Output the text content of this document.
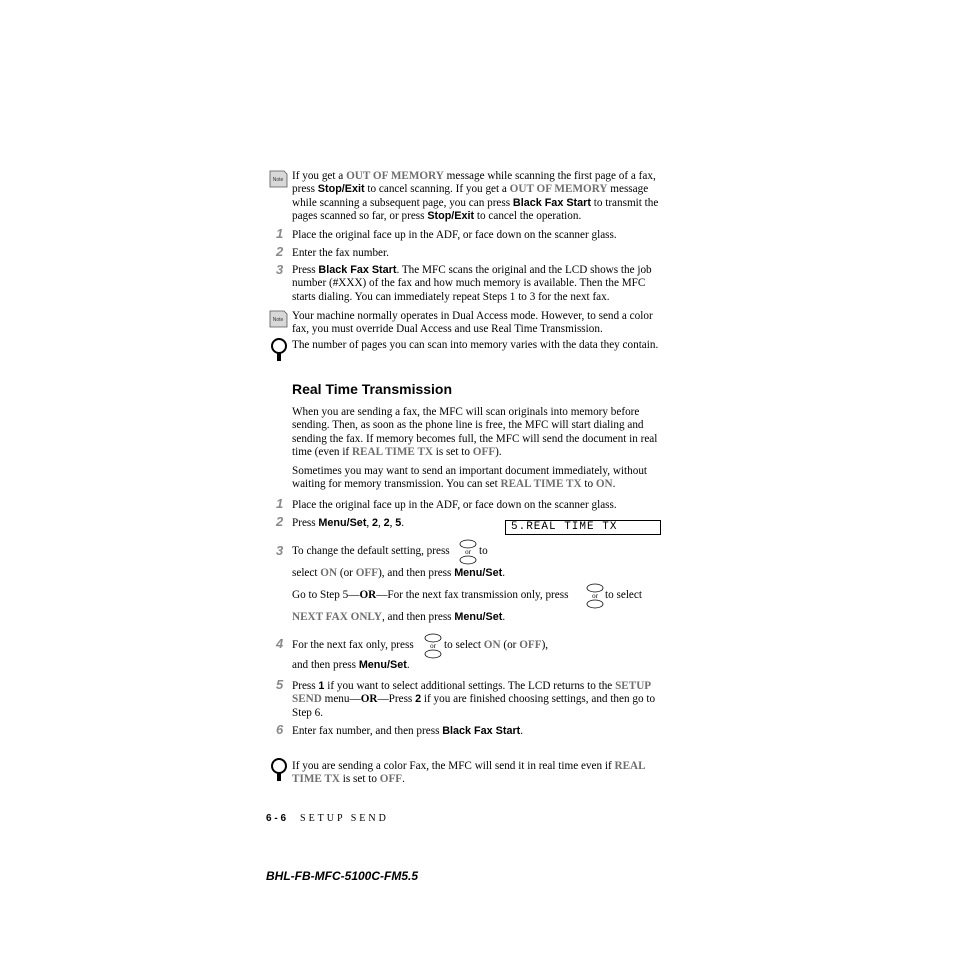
Note If you get a OUT OF MEMORY message while scanning the first page of a fax, press Stop/Exit to cancel scanning. If you get a OUT OF MEMORY message while scanning a subsequent page, you can press Black Fax Start to transmit the pages scanned so far, or press Stop/Exit to cancel the operation.
1 Place the original face up in the ADF, or face down on the scanner glass.
2 Enter the fax number.
3 Press Black Fax Start. The MFC scans the original and the LCD shows the job number (#XXX) of the fax and how much memory is available. Then the MFC starts dialing. You can immediately repeat Steps 1 to 3 for the next fax.
Note Your machine normally operates in Dual Access mode. However, to send a color fax, you must override Dual Access and use Real Time Transmission.
The number of pages you can scan into memory varies with the data they contain.
Real Time Transmission
When you are sending a fax, the MFC will scan originals into memory before sending. Then, as soon as the phone line is free, the MFC will start dialing and sending the fax. If memory becomes full, the MFC will send the document in real time (even if REAL TIME TX is set to OFF).
Sometimes you may want to send an important document immediately, without waiting for memory transmission. You can set REAL TIME TX to ON.
1 Place the original face up in the ADF, or face down on the scanner glass.
2 Press Menu/Set, 2, 2, 5.	5.REAL TIME TX
3 To change the default setting, press or to
select ON (or OFF), and then press Menu/Set.
Go to Step 5—OR—For the next fax transmission only, press	or to select
NEXT FAX ONLY, and then press Menu/Set.
4 For the next fax only, press or to select ON (or OFF),
and then press Menu/Set.
5 Press 1 if you want to select additional settings. The LCD returns to the SETUP SEND menu—OR—Press 2 if you are finished choosing settings, and then go to Step 6.
6 Enter fax number, and then press Black Fax Start.
If you are sending a color Fax, the MFC will send it in real time even if REAL TIME TX is set to OFF.
6 - 6 SETUP SEND
BHL-FB-MFC-5100C-FM5.5
